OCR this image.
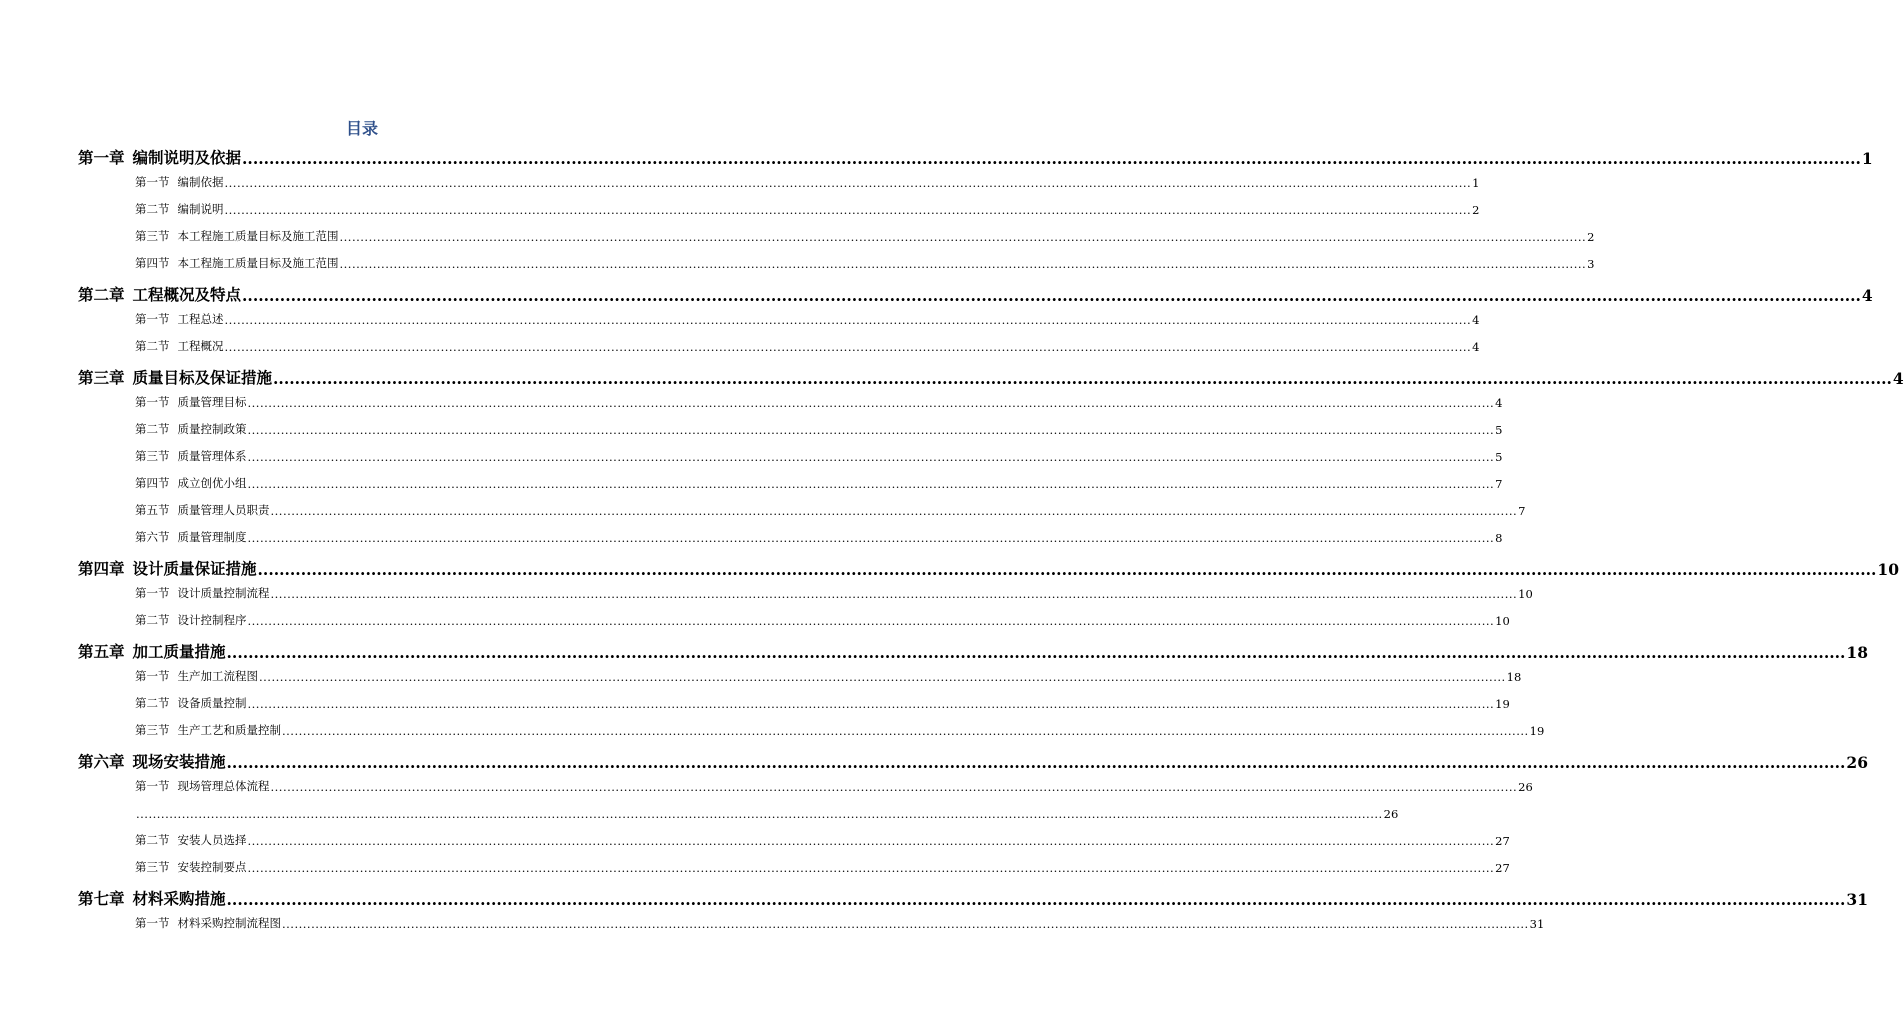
目录
第一章 编制说明及依据 ............................................................................................................................................................................................................................................................................................................ 1
第一节 编制依据 ............................................................................................................................................................................................................................................................................................................ 1
第二节 编制说明 ............................................................................................................................................................................................................................................................................................................ 2
第三节 本工程施工质量目标及施工范围 ............................................................................................................................................................................................................................................................................................................ 2
第四节 本工程施工质量目标及施工范围 ............................................................................................................................................................................................................................................................................................................ 3
第二章 工程概况及特点 ............................................................................................................................................................................................................................................................................................................ 4
第一节 工程总述 ............................................................................................................................................................................................................................................................................................................ 4
第二节 工程概况 ............................................................................................................................................................................................................................................................................................................ 4
第三章 质量目标及保证措施 ............................................................................................................................................................................................................................................................................................................ 4
第一节 质量管理目标 ............................................................................................................................................................................................................................................................................................................ 4
第二节 质量控制政策 ............................................................................................................................................................................................................................................................................................................ 5
第三节 质量管理体系 ............................................................................................................................................................................................................................................................................................................ 5
第四节 成立创优小组 ............................................................................................................................................................................................................................................................................................................ 7
第五节 质量管理人员职责 ............................................................................................................................................................................................................................................................................................................ 7
第六节 质量管理制度 ............................................................................................................................................................................................................................................................................................................ 8
第四章 设计质量保证措施 ............................................................................................................................................................................................................................................................................................................ 10
第一节 设计质量控制流程 ............................................................................................................................................................................................................................................................................................................ 10
第二节 设计控制程序 ............................................................................................................................................................................................................................................................................................................ 10
第五章 加工质量措施 ............................................................................................................................................................................................................................................................................................................ 18
第一节 生产加工流程图 ............................................................................................................................................................................................................................................................................................................ 18
第二节 设备质量控制 ............................................................................................................................................................................................................................................................................................................ 19
第三节 生产工艺和质量控制 ............................................................................................................................................................................................................................................................................................................ 19
第六章 现场安装措施 ............................................................................................................................................................................................................................................................................................................ 26
第一节 现场管理总体流程 ............................................................................................................................................................................................................................................................................................................ 26
............................................................................................................................................................................................................................................................................................................ 26
第二节 安装人员选择 ............................................................................................................................................................................................................................................................................................................ 27
第三节 安装控制要点 ............................................................................................................................................................................................................................................................................................................ 27
第七章 材料采购措施 ............................................................................................................................................................................................................................................................................................................ 31
第一节 材料采购控制流程图 ............................................................................................................................................................................................................................................................................................................ 31
